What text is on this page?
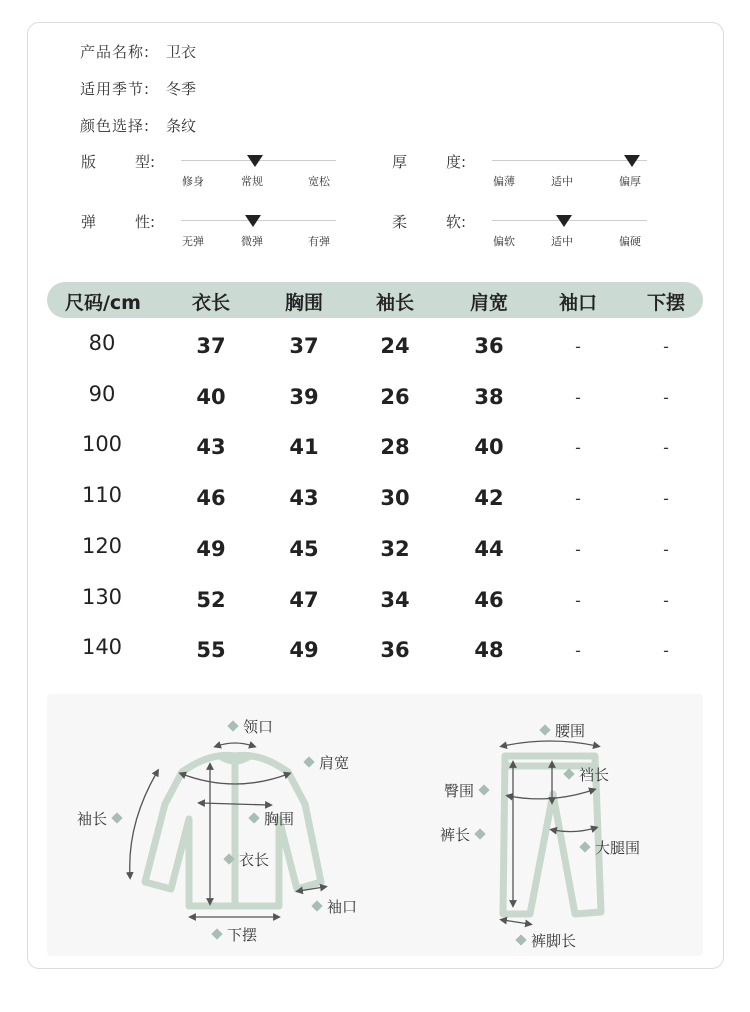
产品名称: 卫衣
适用季节: 冬季
颜色选择: 条纹
版	型:
修身	常规	宽松
厚	度:
偏薄	适中	偏厚
弹	性:
无弹	微弹	有弹
柔	软:
偏软	适中	偏硬
尺码/cm	衣长	胸围	袖长	肩宽	袖口	下摆
80	37	37	24	36	-	-
90	40	39	26	38	-	-
100	43	41	28	40	-	-
110	46	43	30	42	-	-
120	49	45	32	44	-	-
130	52	47	34	46	-	-
140	55	49	36	48	-	-
领口
肩宽
袖长	胸围
衣长
袖口
下摆
腰围
裆长
臀围
裤长
大腿围
裤脚长
